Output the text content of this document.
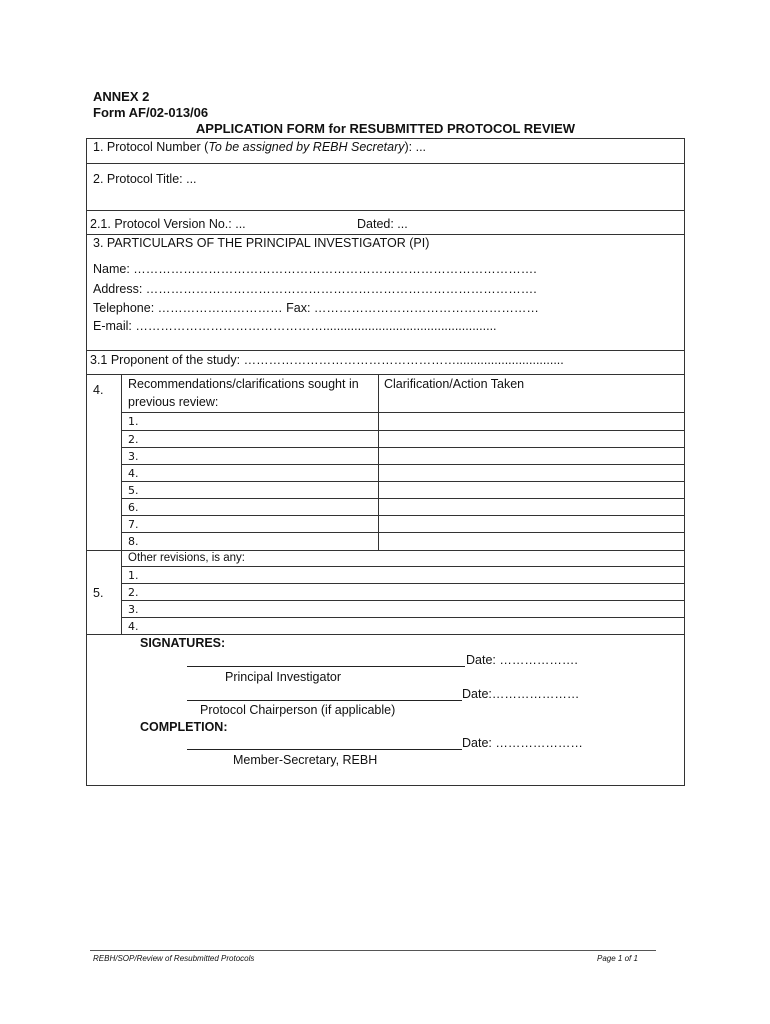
ANNEX 2
Form AF/02-013/06
APPLICATION FORM for RESUBMITTED PROTOCOL REVIEW
1. Protocol Number (To be assigned by REBH Secretary): ...
2. Protocol Title: ...
2.1. Protocol Version No.: ...	Dated: ...
3. PARTICULARS OF THE PRINCIPAL INVESTIGATOR (PI)
Name: …………………………………………………………………………………….
Address: ………………………………………………………………………………….
Telephone: ………………………… Fax: ………………………………………………
E-mail: ………………………………………..................................................
3.1 Proponent of the study: ……………………………………………...............................
4. Recommendations/clarifications sought in
previous review:
Clarification/Action Taken
1.
2.
3.
4.
5.
6.
7.
8.
5.
Other revisions, is any:
1.
2.
3.
4.
SIGNATURES:
Date: ……………….
Principal Investigator
Date:…………………
Protocol Chairperson (if applicable)
COMPLETION:
Date: …………………
Member-Secretary, REBH
REBH/SOP/Review of Resubmitted Protocols	Page 1 of 1
